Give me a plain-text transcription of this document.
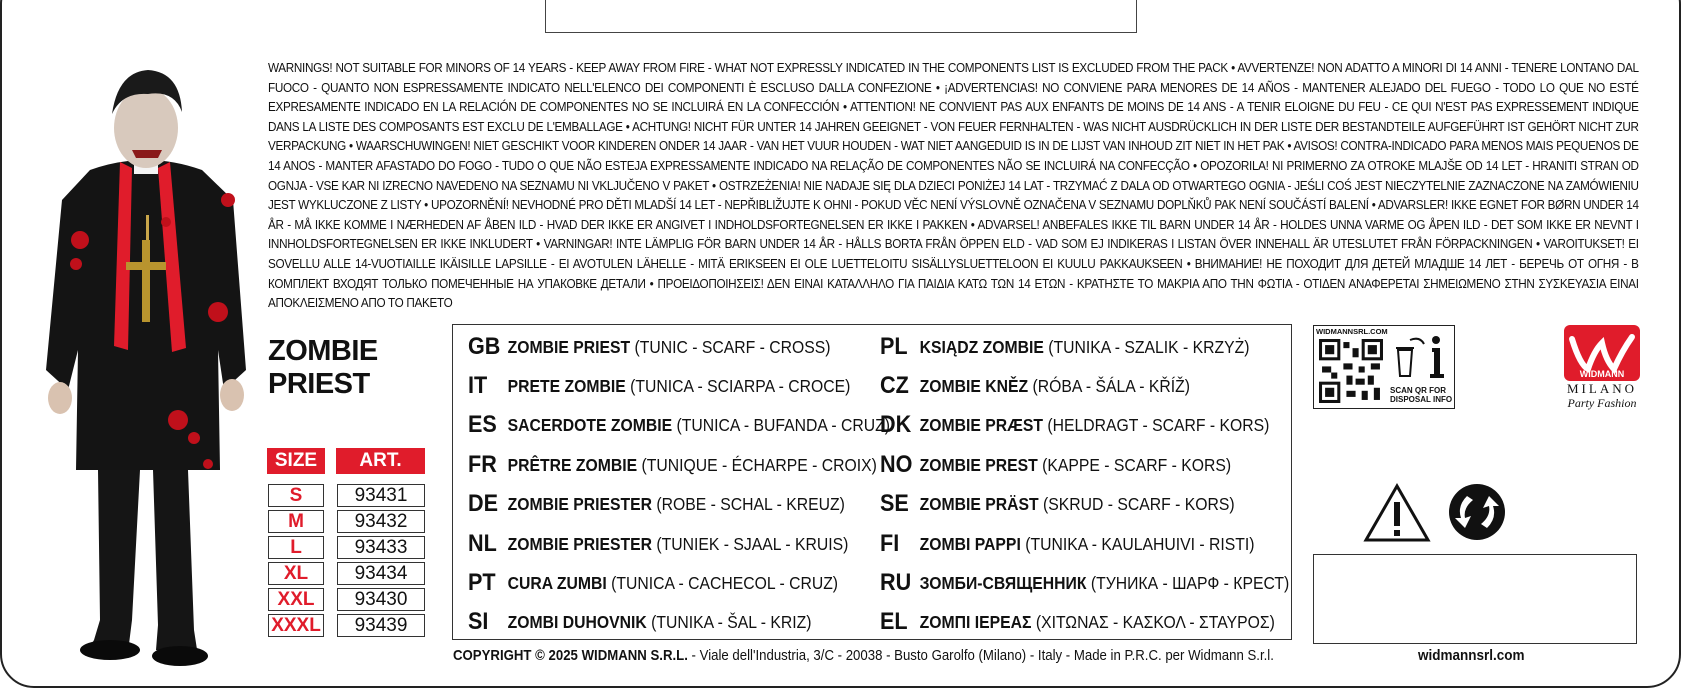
WARNINGS! NOT SUITABLE FOR MINORS OF 14 YEARS - KEEP AWAY FROM FIRE - WHAT NOT EXPRESSLY INDICATED IN THE COMPONENTS LIST IS EXCLUDED FROM THE PACK • AVVERTENZE! NON ADATTO A MINORI DI 14 ANNI - TENERE LONTANO DAL FUOCO - QUANTO NON ESPRESSAMENTE INDICATO NELL'ELENCO DEI COMPONENTI È ESCLUSO DALLA CONFEZIONE • ¡ADVERTENCIAS! NO CONVIENE PARA MENORES DE 14 AÑOS - MANTENER ALEJADO DEL FUEGO - TODO LO QUE NO ESTÉ EXPRESAMENTE INDICADO EN LA RELACIÓN DE COMPONENTES NO SE INCLUIRÁ EN LA CONFECCIÓN • ATTENTION! NE CONVIENT PAS AUX ENFANTS DE MOINS DE 14 ANS - A TENIR ELOIGNE DU FEU - CE QUI N'EST PAS EXPRESSEMENT INDIQUE DANS LA LISTE DES COMPOSANTS EST EXCLU DE L'EMBALLAGE • ACHTUNG! NICHT FÜR UNTER 14 JAHREN GEEIGNET - VON FEUER FERNHALTEN - WAS NICHT AUSDRÜCKLICH IN DER LISTE DER BESTANDTEILE AUFGEFÜHRT IST GEHÖRT NICHT ZUR VERPACKUNG • WAARSCHUWINGEN! NIET GESCHIKT VOOR KINDEREN ONDER 14 JAAR - VAN HET VUUR HOUDEN - WAT NIET AANGEDUID IS IN DE LIJST VAN INHOUD ZIT NIET IN HET PAK • AVISOS! CONTRA-INDICADO PARA MENOS MAIS PEQUENOS DE 14 ANOS - MANTER AFASTADO DO FOGO - TUDO O QUE NÃO ESTEJA EXPRESSAMENTE INDICADO NA RELAÇÃO DE COMPONENTES NÃO SE INCLUIRÁ NA CONFECÇÃO • OPOZORILA! NI PRIMERNO ZA OTROKE MLAJŠE OD 14 LET - HRANITI STRAN OD OGNJA - VSE KAR NI IZRECNO NAVEDENO NA SEZNAMU NI VKLJUČENO V PAKET • OSTRZEŻENIA! NIE NADAJE SIĘ DLA DZIECI PONIŻEJ 14 LAT - TRZYMAĆ Z DALA OD OTWARTEGO OGNIA - JEŚLI COŚ JEST NIECZYTELNIE ZAZNACZONE NA ZAMÓWIENIU JEST WYKLUCZONE Z LISTY • UPOZORNĚNÍ! NEVHODNÉ PRO DĚTI MLADŠÍ 14 LET - NEPŘIBLIŽUJTE K OHNI - POKUD VĚC NENÍ VÝSLOVNĚ OZNAČENA V SEZNAMU DOPLŇKŮ PAK NENÍ SOUČÁSTÍ BALENÍ • ADVARSLER! IKKE EGNET FOR BØRN UNDER 14 ÅR - MÅ IKKE KOMME I NÆRHEDEN AF ÅBEN ILD - HVAD DER IKKE ER ANGIVET I INDHOLDSFORTEGNELSEN ER IKKE I PAKKEN • ADVARSEL! ANBEFALES IKKE TIL BARN UNDER 14 ÅR - HOLDES UNNA VARME OG ÅPEN ILD - DET SOM IKKE ER NEVNT I INNHOLDSFORTEGNELSEN ER IKKE INKLUDERT • VARNINGAR! INTE LÄMPLIG FÖR BARN UNDER 14 ÅR - HÅLLS BORTA FRÅN ÖPPEN ELD - VAD SOM EJ INDIKERAS I LISTAN ÖVER INNEHALL ÄR UTESLUTET FRÅN FÖRPACKNINGEN • VAROITUKSET! EI SOVELLU ALLE 14-VUOTIAILLE IKÄISILLE LAPSILLE - EI AVOTULEN LÄHELLE - MITÄ ERIKSEEN EI OLE LUETTELOITU SISÄLLYSLUETTELOON EI KUULU PAKKAUKSEEN • ВНИМАНИЕ! НЕ ПОХОДИТ ДЛЯ ДЕТЕЙ МЛАДШЕ 14 ЛЕТ - БЕРЕЧЬ ОТ ОГНЯ - В КОМПЛЕКТ ВХОДЯТ ТОЛЬКО ПОМЕЧЕННЫЕ НА УПАКОВКЕ ДЕТАЛИ • ΠΡΟΕΙΔΟΠΟΙΗΣΕΙΣ! ΔΕΝ ΕΙΝΑΙ ΚΑΤΑΛΛΗΛΟ ΓΙΑ ΠΑΙΔΙΑ ΚΑΤΩ ΤΩΝ 14 ΕΤΩΝ - ΚΡΑΤΗΣΤΕ ΤΟ ΜΑΚΡΙΑ ΑΠΟ ΤΗΝ ΦΩΤΙΑ - ΟΤΙΔΕΝ ΑΝΑΦΕΡΕΤΑΙ ΣΗΜΕΙΩΜΕΝΟ ΣΤΗΝ ΣΥΣΚΕΥΑΣΙΑ ΕΙΝΑΙ ΑΠΟΚΛΕΙΣΜΕΝΟ ΑΠΟ ΤΟ ΠΑΚΕΤΟ
ZOMBIE
PRIEST
SIZE	ART.
S	93431
M	93432
L	93433
XL	93434
XXL	93430
XXXL	93439
GB ZOMBIE PRIEST (TUNIC - SCARF - CROSS)
IT PRETE ZOMBIE (TUNICA - SCIARPA - CROCE)
ES SACERDOTE ZOMBIE (TUNICA - BUFANDA - CRUZ)
FR PRÊTRE ZOMBIE (TUNIQUE - ÉCHARPE - CROIX)
DE ZOMBIE PRIESTER (ROBE - SCHAL - KREUZ)
NL ZOMBIE PRIESTER (TUNIEK - SJAAL - KRUIS)
PT CURA ZUMBI (TUNICA - CACHECOL - CRUZ)
SI ZOMBI DUHOVNIK (TUNIKA - ŠAL - KRIZ)
PL KSIĄDZ ZOMBIE (TUNIKA - SZALIK - KRZYŻ)
CZ ZOMBIE KNĚZ (RÓBA - ŠÁLA - KŘÍŽ)
DK ZOMBIE PRÆST (HELDRAGT - SCARF - KORS)
NO ZOMBIE PREST (KAPPE - SCARF - KORS)
SE ZOMBIE PRÄST (SKRUD - SCARF - KORS)
FI ZOMBI PAPPI (TUNIKA - KAULAHUIVI - RISTI)
RU ЗОМБИ-СВЯЩЕННИК (ТУНИКА - ШАРФ - КРЕСТ)
EL ΖΟΜΠΙ ΙΕΡΕΑΣ (ΧΙΤΩΝΑΣ - ΚΑΣΚΟΛ - ΣΤΑΥΡΟΣ)
WIDMANNSRL.COM
SCAN QR FOR
DISPOSAL INFO
WIDMANN
MILANO
Party Fashion
COPYRIGHT © 2025 WIDMANN S.R.L. - Viale dell'Industria, 3/C - 20038 - Busto Garolfo (Milano) - Italy - Made in P.R.C. per Widmann S.r.l.	widmannsrl.com
